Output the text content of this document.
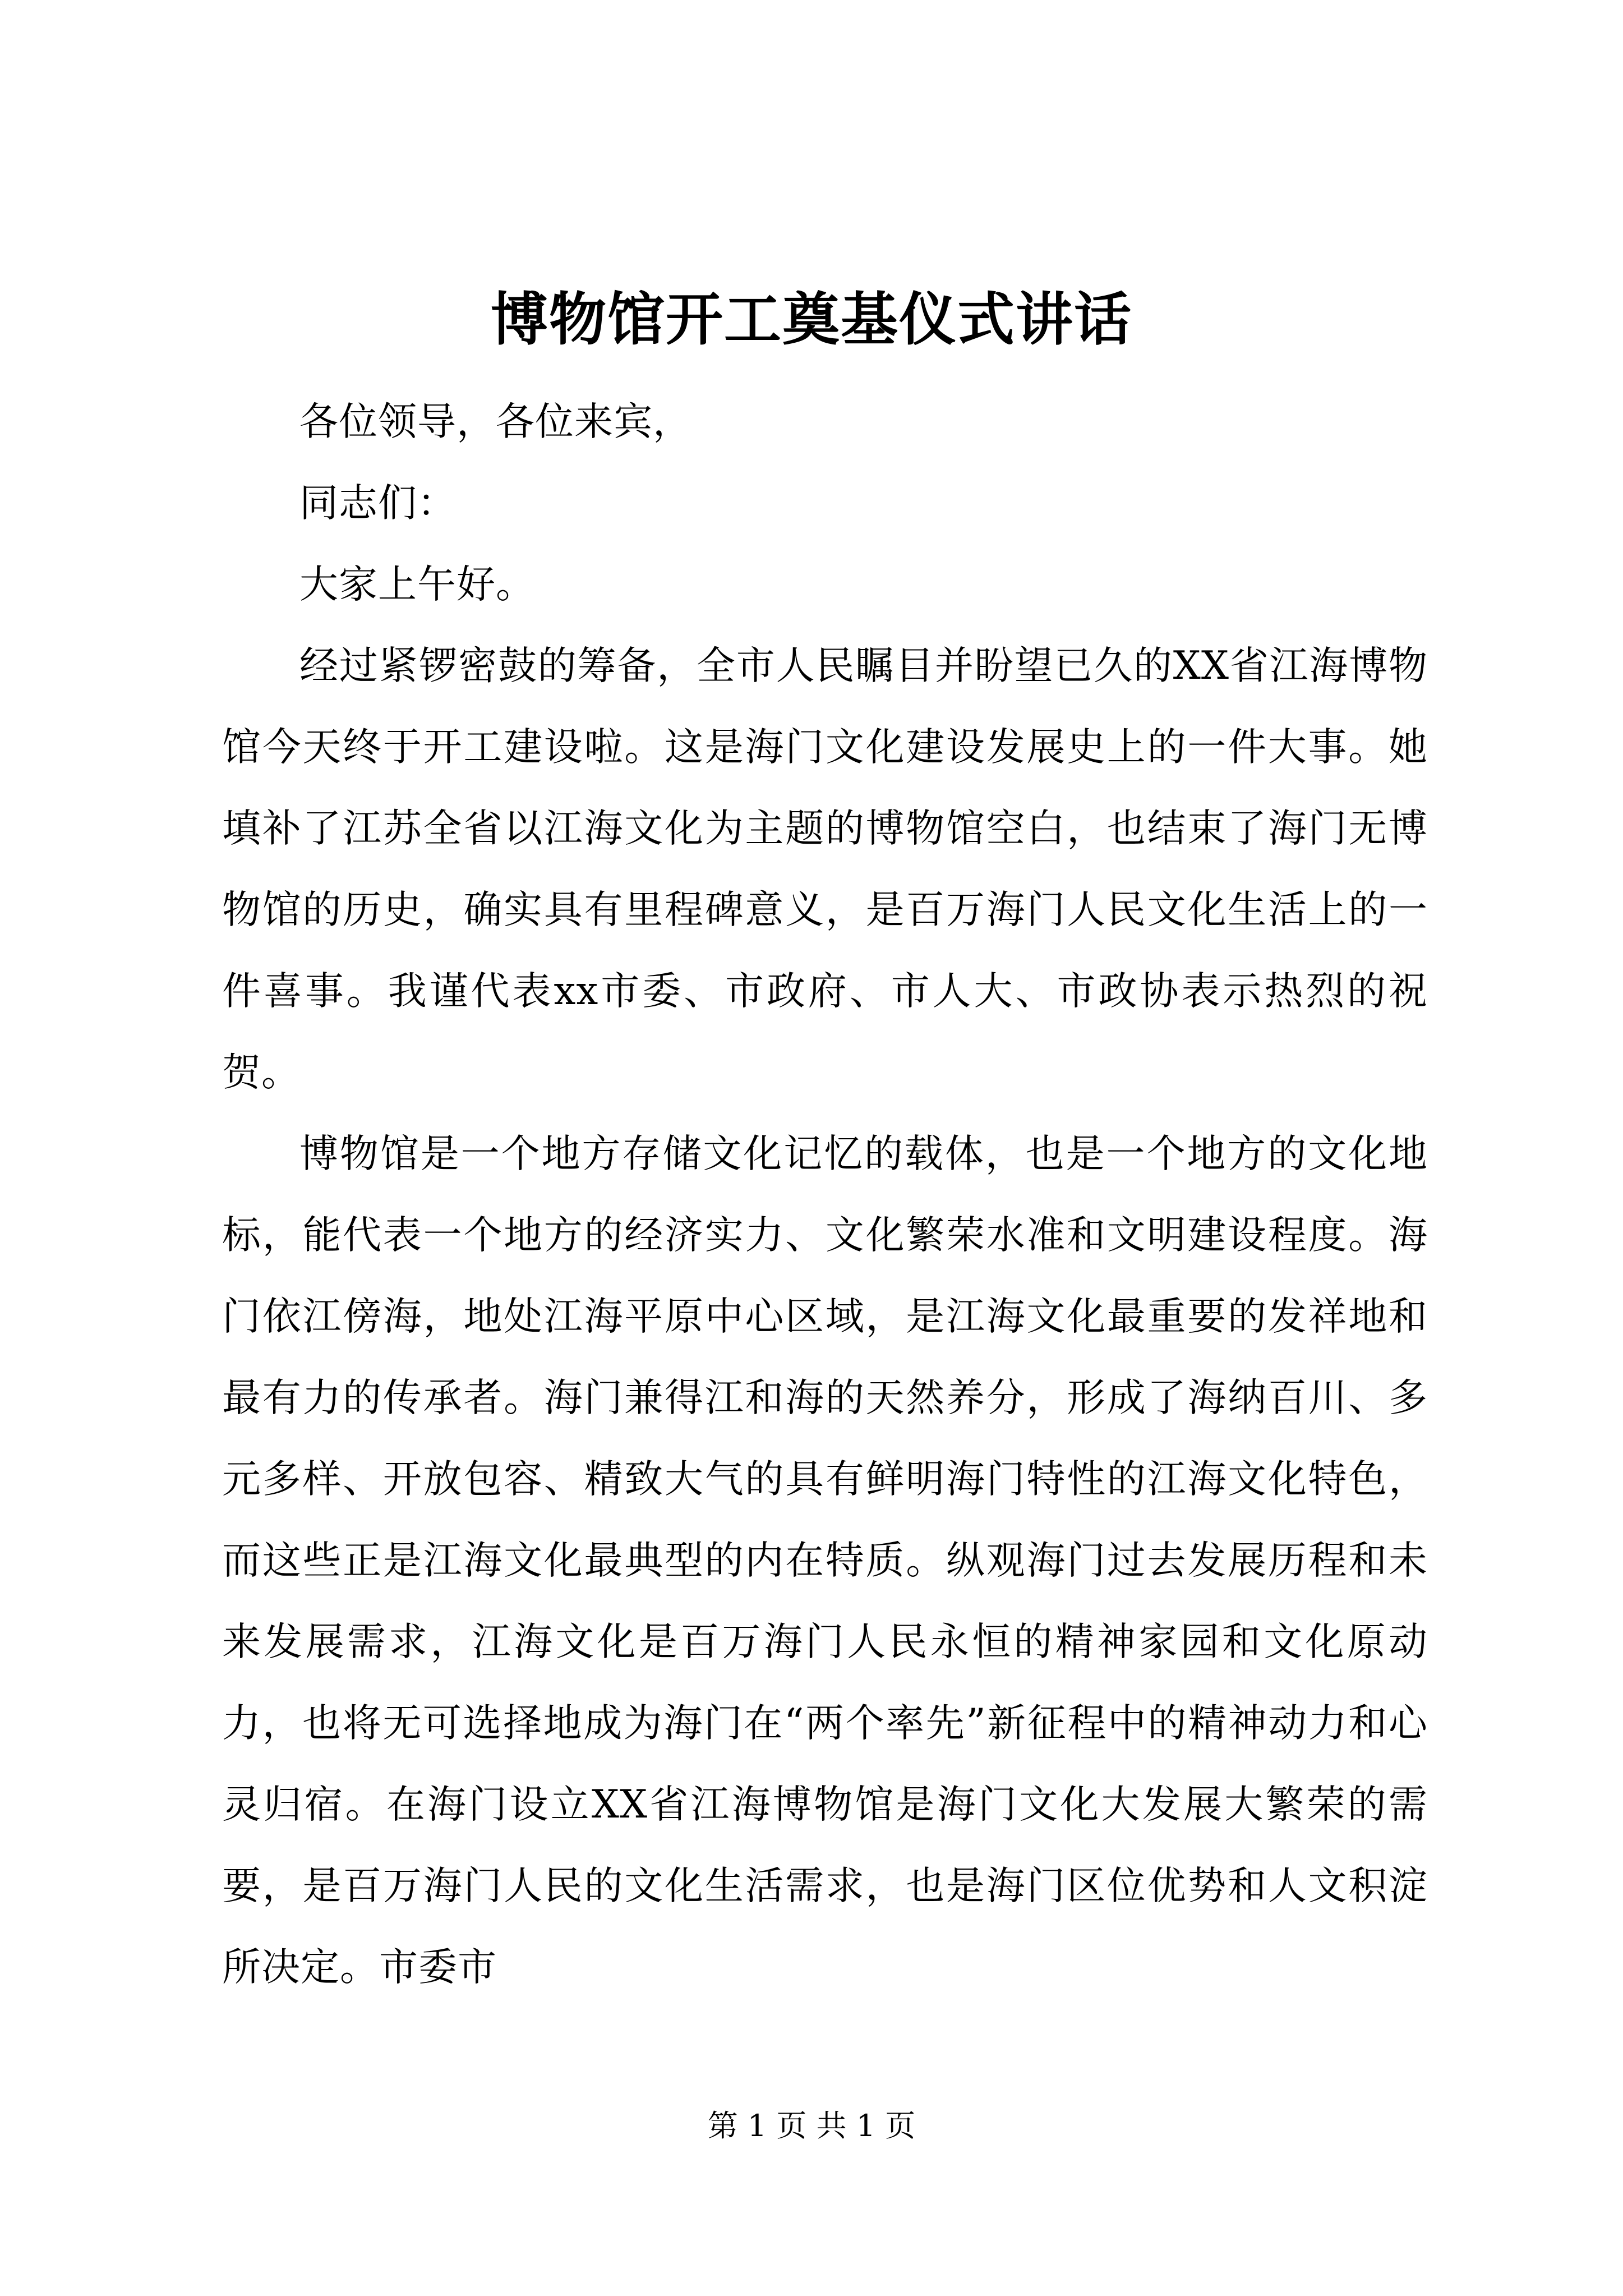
博物馆开工奠基仪式讲话

各位领导，各位来宾，

同志们：

大家上午好。

经过紧锣密鼓的筹备，全市人民瞩目并盼望已久的XX省江海博物馆今天终于开工建设啦。这是海门文化建设发展史上的一件大事。她填补了江苏全省以江海文化为主题的博物馆空白，也结束了海门无博物馆的历史，确实具有里程碑意义，是百万海门人民文化生活上的一件喜事。我谨代表xx市委、市政府、市人大、市政协表示热烈的祝贺。

博物馆是一个地方存储文化记忆的载体，也是一个地方的文化地标，能代表一个地方的经济实力、文化繁荣水准和文明建设程度。海门依江傍海，地处江海平原中心区域，是江海文化最重要的发祥地和最有力的传承者。海门兼得江和海的天然养分，形成了海纳百川、多元多样、开放包容、精致大气的具有鲜明海门特性的江海文化特色，而这些正是江海文化最典型的内在特质。纵观海门过去发展历程和未来发展需求，江海文化是百万海门人民永恒的精神家园和文化原动力，也将无可选择地成为海门在“两个率先”新征程中的精神动力和心灵归宿。在海门设立XX省江海博物馆是海门文化大发展大繁荣的需要，是百万海门人民的文化生活需求，也是海门区位优势和人文积淀所决定。市委市

第 1 页 共 1 页
